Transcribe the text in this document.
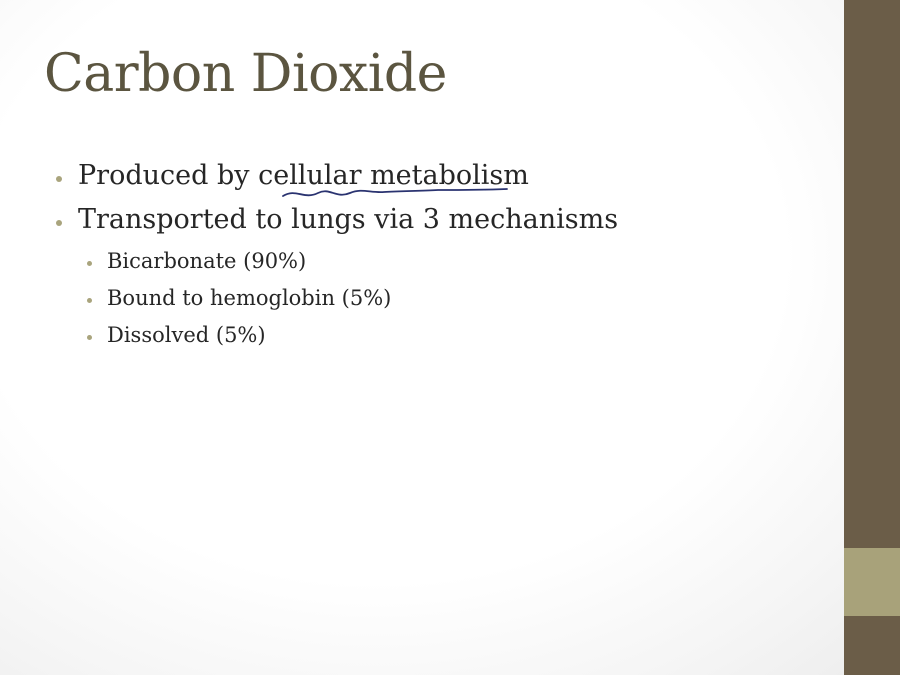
Carbon Dioxide
Produced by cellular metabolism
Transported to lungs via 3 mechanisms
Bicarbonate (90%)
Bound to hemoglobin (5%)
Dissolved (5%)
